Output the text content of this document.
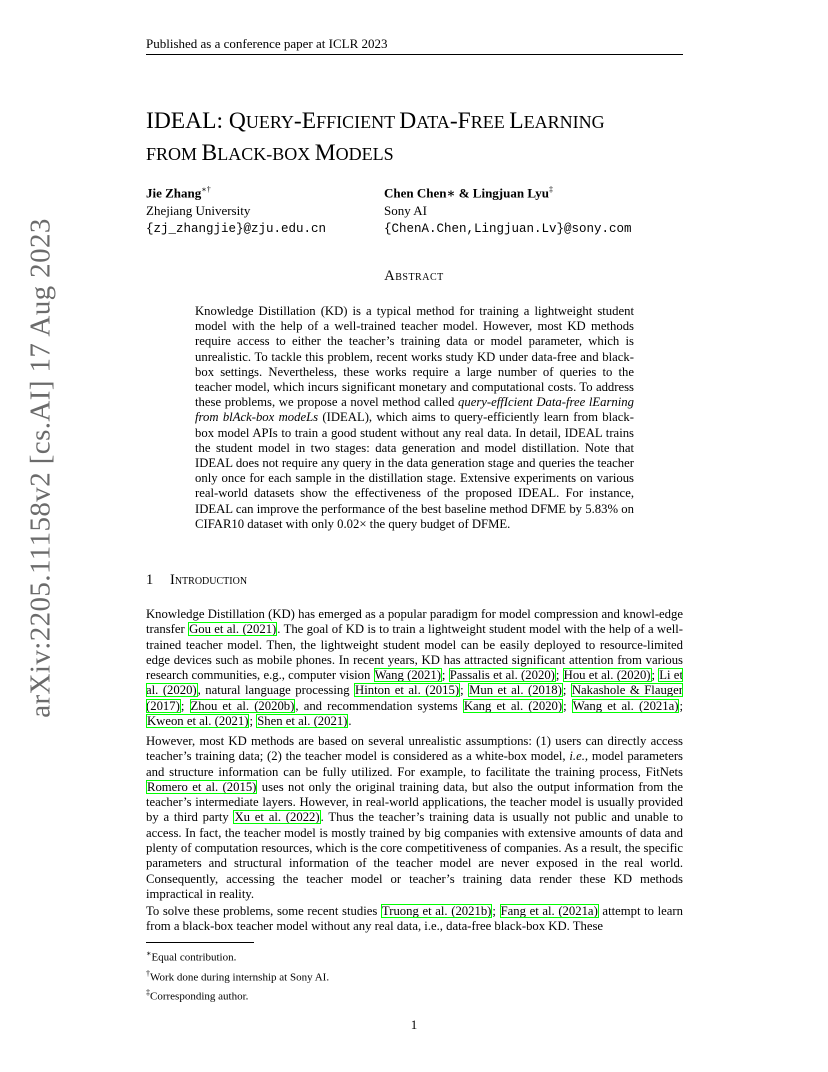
Published as a conference paper at ICLR 2023
arXiv:2205.11158v2 [cs.AI] 17 Aug 2023
IDEAL: QUERY-EFFICIENT DATA-FREE LEARNING
FROM BLACK-BOX MODELS
Jie Zhang∗†
Zhejiang University
{zj_zhangjie}@zju.edu.cn
Chen Chen∗ & Lingjuan Lyu‡
Sony AI
{ChenA.Chen,Lingjuan.Lv}@sony.com
Abstract
Knowledge Distillation (KD) is a typical method for training a lightweight student model with the help of a well-trained teacher model. However, most KD methods require access to either the teacher’s training data or model parameter, which is unrealistic. To tackle this problem, recent works study KD under data-free and black-box settings. Nevertheless, these works require a large number of queries to the teacher model, which incurs significant monetary and computational costs. To address these problems, we propose a novel method called query-effIcient Data-free lEarning from blAck-box modeLs (IDEAL), which aims to query-efficiently learn from black-box model APIs to train a good student without any real data. In detail, IDEAL trains the student model in two stages: data generation and model distillation. Note that IDEAL does not require any query in the data generation stage and queries the teacher only once for each sample in the distillation stage. Extensive experiments on various real-world datasets show the effectiveness of the proposed IDEAL. For instance, IDEAL can improve the performance of the best baseline method DFME by 5.83% on CIFAR10 dataset with only 0.02× the query budget of DFME.
1 Introduction
Knowledge Distillation (KD) has emerged as a popular paradigm for model compression and knowl-edge transfer Gou et al. (2021). The goal of KD is to train a lightweight student model with the help of a well-trained teacher model. Then, the lightweight student model can be easily deployed to resource-limited edge devices such as mobile phones. In recent years, KD has attracted significant attention from various research communities, e.g., computer vision Wang (2021); Passalis et al. (2020); Hou et al. (2020); Li et al. (2020), natural language processing Hinton et al. (2015); Mun et al. (2018); Nakashole & Flauger (2017); Zhou et al. (2020b), and recommendation systems Kang et al. (2020); Wang et al. (2021a); Kweon et al. (2021); Shen et al. (2021).
However, most KD methods are based on several unrealistic assumptions: (1) users can directly access teacher’s training data; (2) the teacher model is considered as a white-box model, i.e., model parameters and structure information can be fully utilized. For example, to facilitate the training process, FitNets Romero et al. (2015) uses not only the original training data, but also the output information from the teacher’s intermediate layers. However, in real-world applications, the teacher model is usually provided by a third party Xu et al. (2022). Thus the teacher’s training data is usually not public and unable to access. In fact, the teacher model is mostly trained by big companies with extensive amounts of data and plenty of computation resources, which is the core competitiveness of companies. As a result, the specific parameters and structural information of the teacher model are never exposed in the real world. Consequently, accessing the teacher model or teacher’s training data render these KD methods impractical in reality.
To solve these problems, some recent studies Truong et al. (2021b); Fang et al. (2021a) attempt to learn from a black-box teacher model without any real data, i.e., data-free black-box KD. These
∗Equal contribution.
†Work done during internship at Sony AI.
‡Corresponding author.
1
